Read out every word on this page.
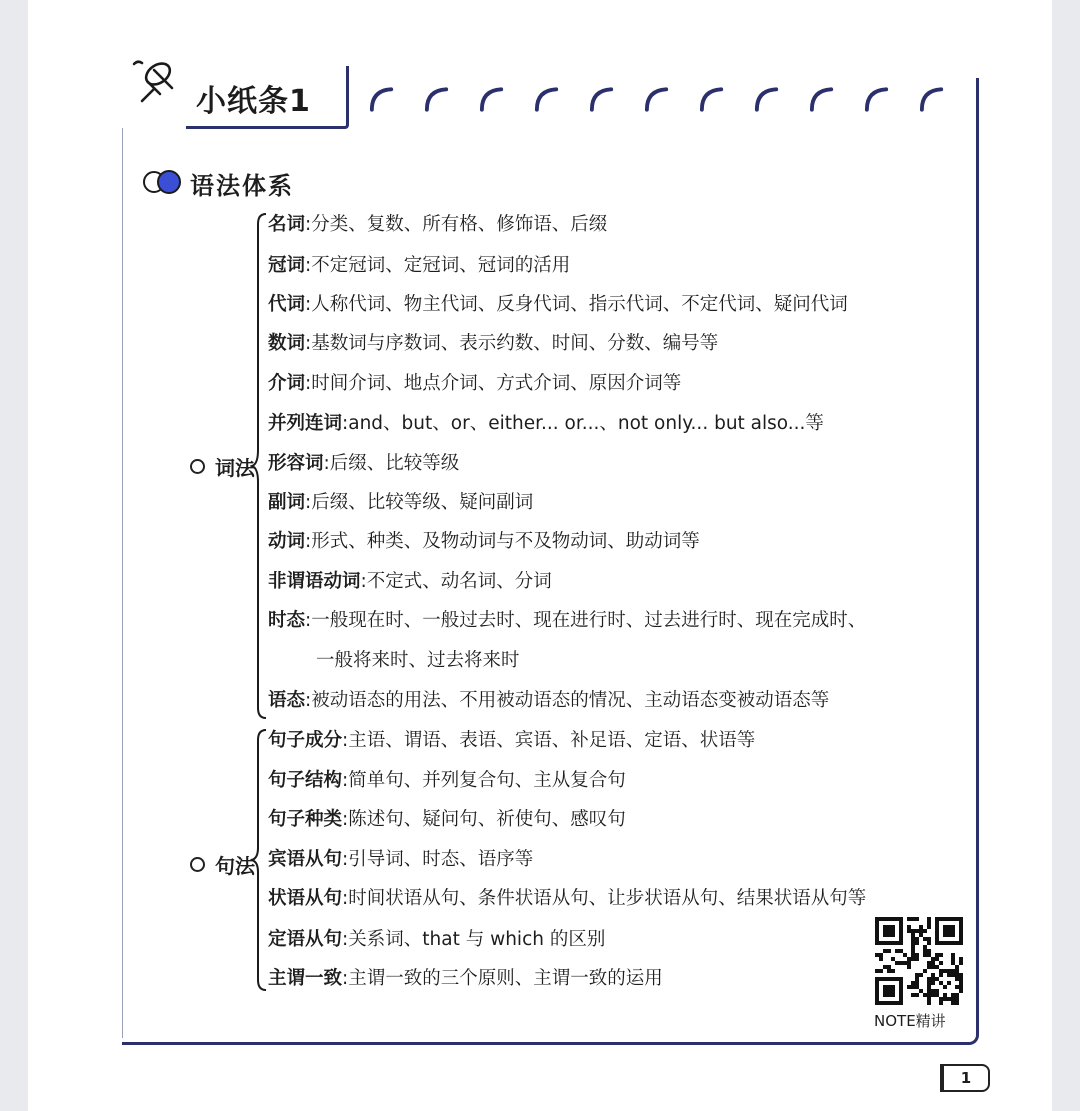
小纸条1
语法体系
词法
名词:分类、复数、所有格、修饰语、后缀
冠词:不定冠词、定冠词、冠词的活用
代词:人称代词、物主代词、反身代词、指示代词、不定代词、疑问代词
数词:基数词与序数词、表示约数、时间、分数、编号等
介词:时间介词、地点介词、方式介词、原因介词等
并列连词:and、but、or、either... or...、not only... but also...等
形容词:后缀、比较等级
副词:后缀、比较等级、疑问副词
动词:形式、种类、及物动词与不及物动词、助动词等
非谓语动词:不定式、动名词、分词
时态:一般现在时、一般过去时、现在进行时、过去进行时、现在完成时、
一般将来时、过去将来时
语态:被动语态的用法、不用被动语态的情况、主动语态变被动语态等
句法
句子成分:主语、谓语、表语、宾语、补足语、定语、状语等
句子结构:简单句、并列复合句、主从复合句
句子种类:陈述句、疑问句、祈使句、感叹句
宾语从句:引导词、时态、语序等
状语从句:时间状语从句、条件状语从句、让步状语从句、结果状语从句等
定语从句:关系词、that 与 which 的区别
主谓一致:主谓一致的三个原则、主谓一致的运用
NOTE精讲
1
